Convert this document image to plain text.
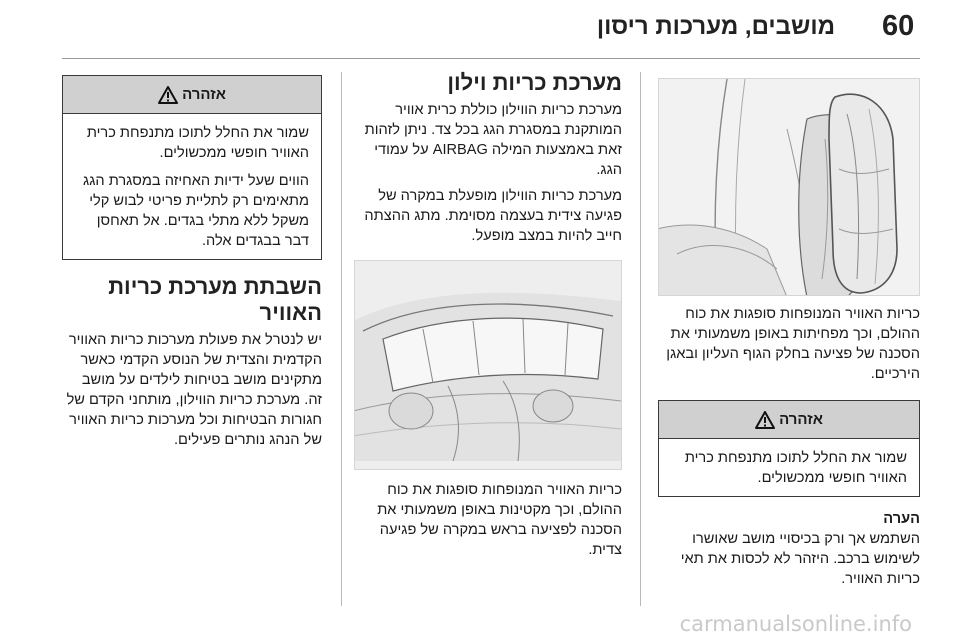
60
מושבים, מערכות ריסון

כריות האוויר המנופחות סופגות את כוח ההולם, וכך מפחיתות באופן משמעותי את הסכנה של פציעה בחלק הגוף העליון ובאגן הירכיים.

אזהרה

שמור את החלל לתוכו מתנפחת כרית האוויר חופשי ממכשולים.

הערה

השתמש אך ורק בכיסויי מושב שאושרו לשימוש ברכב. היזהר לא לכסות את תאי כריות האוויר.

מערכת כריות וילון

מערכת כריות הווילון כוללת כרית אוויר המותקנת במסגרת הגג בכל צד. ניתן לזהות זאת באמצעות המילה AIRBAG על עמודי הגג.

מערכת כריות הווילון מופעלת במקרה של פגיעה צידית בעצמה מסוימת. מתג ההצתה חייב להיות במצב מופעל.

כריות האוויר המנופחות סופגות את כוח ההולם, וכך מקטינות באופן משמעותי את הסכנה לפציעה בראש במקרה של פגיעה צדית.

אזהרה

שמור את החלל לתוכו מתנפחת כרית האוויר חופשי ממכשולים.

הווים שעל ידיות האחיזה במסגרת הגג מתאימים רק לתליית פריטי לבוש קלי משקל ללא מתלי בגדים. אל תאחסן דבר בבגדים אלה.

השבתת מערכת כריות האוויר

יש לנטרל את פעולת מערכות כריות האוויר הקדמית והצדית של הנוסע הקדמי כאשר מתקינים מושב בטיחות לילדים על מושב זה. מערכת כריות הווילון, מותחני הקדם של חגורות הבטיחות וכל מערכות כריות האוויר של הנהג נותרים פעילים.

carmanualsonline.info
